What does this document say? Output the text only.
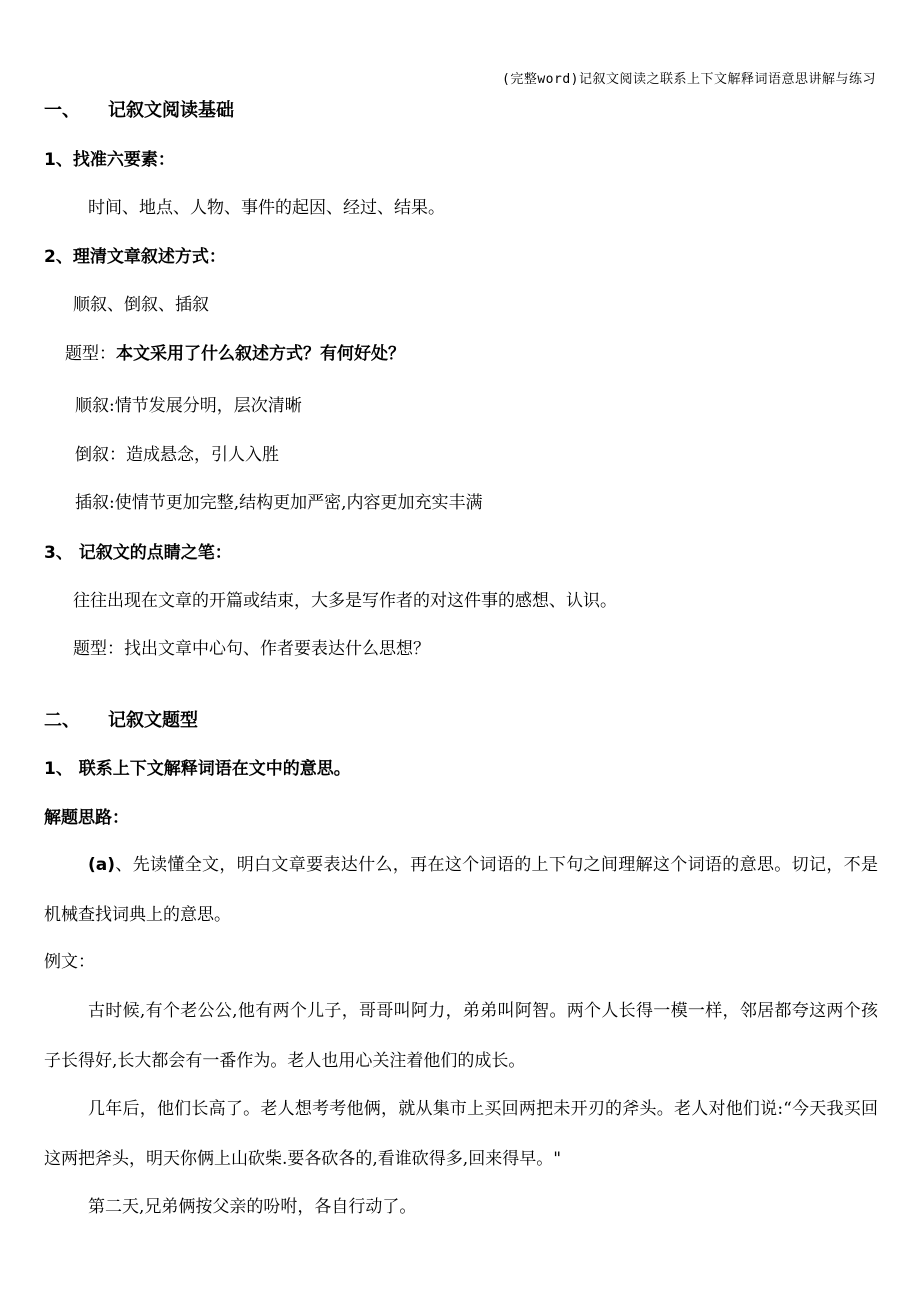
(完整word)记叙文阅读之联系上下文解释词语意思讲解与练习
一、 记叙文阅读基础
1、找准六要素：
时间、地点、人物、事件的起因、经过、结果。
2、理清文章叙述方式：
顺叙、倒叙、插叙
题型：本文采用了什么叙述方式？有何好处？
顺叙:情节发展分明，层次清晰
倒叙：造成悬念，引人入胜
插叙:使情节更加完整,结构更加严密,内容更加充实丰满
3、 记叙文的点睛之笔：
往往出现在文章的开篇或结束，大多是写作者的对这件事的感想、认识。
题型：找出文章中心句、作者要表达什么思想？
二、 记叙文题型
1、 联系上下文解释词语在文中的意思。
解题思路：
(a)、先读懂全文，明白文章要表达什么，再在这个词语的上下句之间理解这个词语的意思。切记，不是机械查找词典上的意思。
例文：
古时候,有个老公公,他有两个儿子，哥哥叫阿力，弟弟叫阿智。两个人长得一模一样，邻居都夸这两个孩子长得好,长大都会有一番作为。老人也用心关注着他们的成长。
几年后，他们长高了。老人想考考他俩，就从集市上买回两把未开刃的斧头。老人对他们说:“今天我买回这两把斧头，明天你俩上山砍柴.要各砍各的,看谁砍得多,回来得早。"
第二天,兄弟俩按父亲的吩咐，各自行动了。
